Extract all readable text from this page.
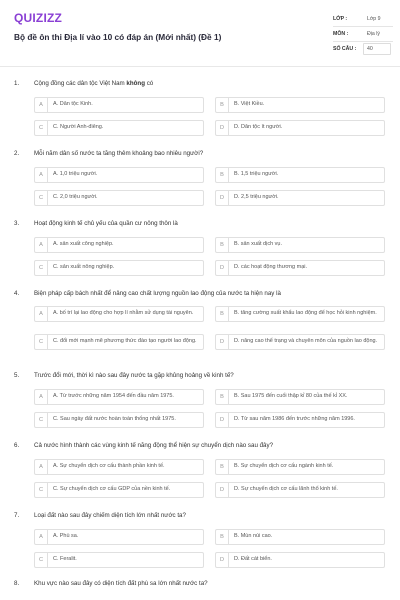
QUIZIZZ
Bộ đề ôn thi Địa lí vào 10 có đáp án (Mới nhất) (Đề 1)
LỚP :	Lớp 9
MÔN :	Địa lý
SỐ CÂU : 40
1. Cộng đồng các dân tộc Việt Nam không có
A	A. Dân tộc Kinh.	B	B. Việt Kiều.
C	C. Người Anh-điêng.	D	D. Dân tộc ít người.
2. Mỗi năm dân số nước ta tăng thêm khoảng bao nhiêu người?
A	A. 1,0 triệu người.	B	B. 1,5 triệu người.
C	C. 2,0 triệu người.	D	D. 2,5 triệu người.
3. Hoạt động kinh tế chủ yếu của quần cư nông thôn là
A	A. sản xuất công nghiệp.	B	B. sản xuất dịch vụ.
C	C. sản xuất nông nghiệp.	D	D. các hoạt động thương mại.
4. Biện pháp cấp bách nhất để nâng cao chất lượng nguồn lao động của nước ta hiện nay là
A	A. bố trí lại lao động cho hợp lí nhằm sử dụng tài nguyên.	B	B. tăng cường xuất khẩu lao động để học hỏi kinh nghiệm.
C	C. đổi mới mạnh mẽ phương thức đào tạo người lao động.	D	D. nâng cao thể trạng và chuyên môn của nguồn lao động.
5. Trước đổi mới, thời kì nào sau đây nước ta gặp khủng hoảng về kinh tế?
A	A. Từ trước những năm 1954 đến đầu năm 1975.	B	B. Sau 1975 đến cuối thập kỉ 80 của thế kỉ XX.
C	C. Sau ngày đất nước hoàn toàn thống nhất 1975.	D	D. Từ sau năm 1986 đến trước những năm 1996.
6. Cả nước hình thành các vùng kinh tế năng động thể hiện sự chuyển dịch nào sau đây?
A	A. Sự chuyển dịch cơ cấu thành phần kinh tế.	B	B. Sự chuyển dịch cơ cấu ngành kinh tế.
C	C. Sự chuyển dịch cơ cấu GDP của nền kinh tế.	D	D. Sự chuyển dịch cơ cấu lãnh thổ kinh tế.
7. Loại đất nào sau đây chiếm diện tích lớn nhất nước ta?
A	A. Phù sa.	B	B. Mùn núi cao.
C	C. Feralit.	D	D. Đất cát biển.
8. Khu vực nào sau đây có diện tích đất phù sa lớn nhất nước ta?
